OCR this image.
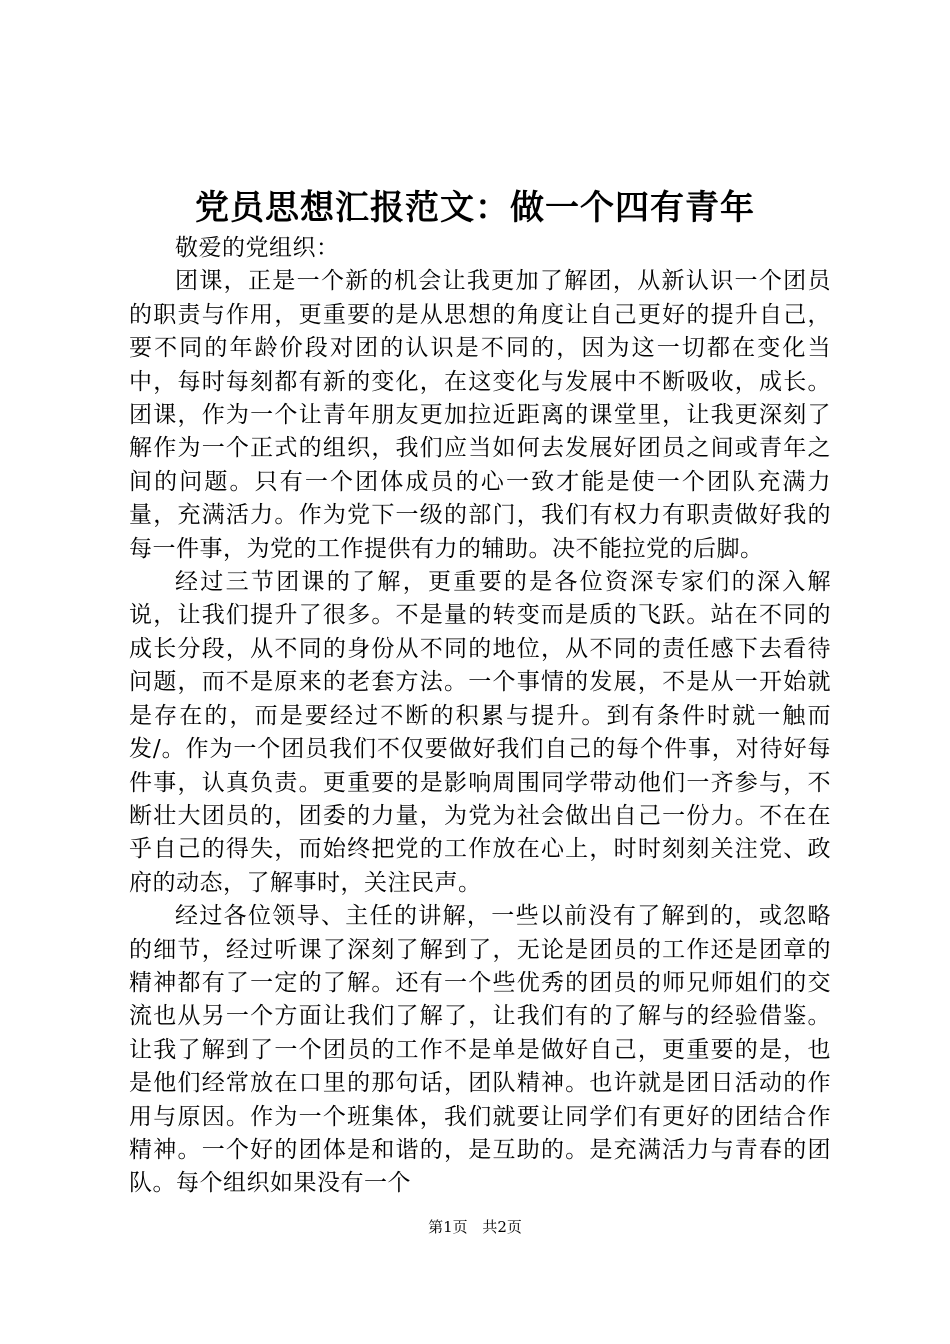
党员思想汇报范文：做一个四有青年

敬爱的党组织：

团课，正是一个新的机会让我更加了解团，从新认识一个团员的职责与作用，更重要的是从思想的角度让自己更好的提升自己，要不同的年龄价段对团的认识是不同的，因为这一切都在变化当中，每时每刻都有新的变化，在这变化与发展中不断吸收，成长。团课，作为一个让青年朋友更加拉近距离的课堂里，让我更深刻了解作为一个正式的组织，我们应当如何去发展好团员之间或青年之间的问题。只有一个团体成员的心一致才能是使一个团队充满力量，充满活力。作为党下一级的部门，我们有权力有职责做好我的每一件事，为党的工作提供有力的辅助。决不能拉党的后脚。

经过三节团课的了解，更重要的是各位资深专家们的深入解说，让我们提升了很多。不是量的转变而是质的飞跃。站在不同的成长分段，从不同的身份从不同的地位，从不同的责任感下去看待问题，而不是原来的老套方法。一个事情的发展，不是从一开始就是存在的，而是要经过不断的积累与提升。到有条件时就一触而发/。作为一个团员我们不仅要做好我们自己的每个件事，对待好每件事，认真负责。更重要的是影响周围同学带动他们一齐参与，不断壮大团员的，团委的力量，为党为社会做出自己一份力。不在在乎自己的得失，而始终把党的工作放在心上，时时刻刻关注党、政府的动态，了解事时，关注民声。

经过各位领导、主任的讲解，一些以前没有了解到的，或忽略的细节，经过听课了深刻了解到了，无论是团员的工作还是团章的精神都有了一定的了解。还有一个些优秀的团员的师兄师姐们的交流也从另一个方面让我们了解了，让我们有的了解与的经验借鉴。让我了解到了一个团员的工作不是单是做好自己，更重要的是，也是他们经常放在口里的那句话，团队精神。也许就是团日活动的作用与原因。作为一个班集体，我们就要让同学们有更好的团结合作精神。一个好的团体是和谐的，是互助的。是充满活力与青春的团队。每个组织如果没有一个

第1页 共2页
